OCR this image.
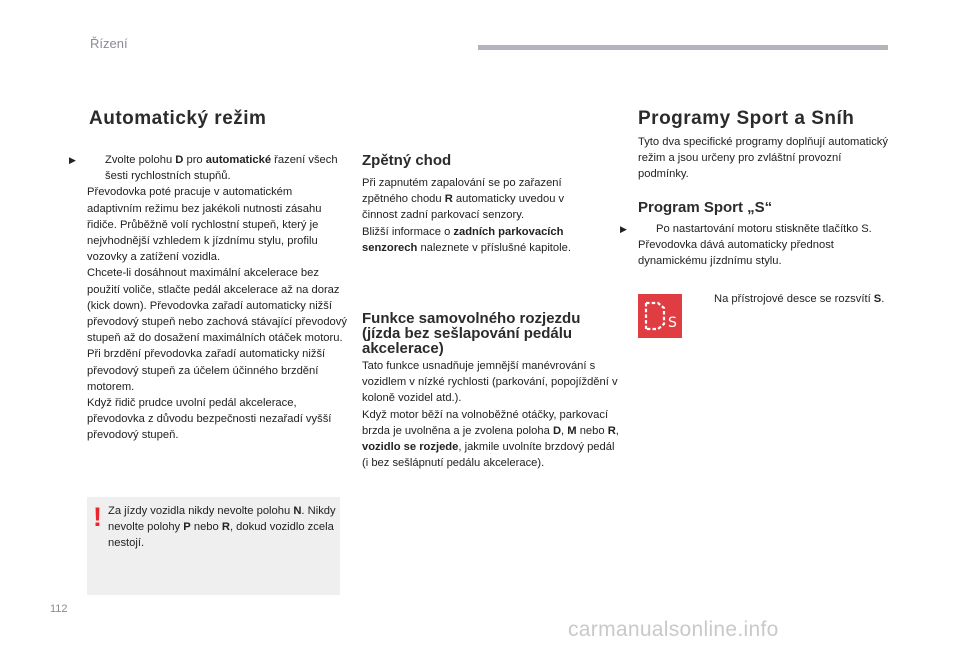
Řízení
Automatický režim

▶	Zvolte polohu D pro automatické řazení všech šesti rychlostních stupňů.

Převodovka poté pracuje v automatickém adaptivním režimu bez jakékoli nutnosti zásahu řidiče. Průběžně volí rychlostní stupeň, který je nejvhodnější vzhledem k jízdnímu stylu, profilu vozovky a zatížení vozidla.

Chcete-li dosáhnout maximální akcelerace bez použití voliče, stlačte pedál akcelerace až na doraz (kick down). Převodovka zařadí automaticky nižší převodový stupeň nebo zachová stávající převodový stupeň až do dosažení maximálních otáček motoru.

Při brzdění převodovka zařadí automaticky nižší převodový stupeň za účelem účinného brzdění motorem.

Když řidič prudce uvolní pedál akcelerace, převodovka z důvodu bezpečnosti nezařadí vyšší převodový stupeň.

! Za jízdy vozidla nikdy nevolte polohu N. Nikdy nevolte polohy P nebo R, dokud vozidlo zcela nestojí.
Zpětný chod

Při zapnutém zapalování se po zařazení zpětného chodu R automaticky uvedou v činnost zadní parkovací senzory.

Bližší informace o zadních parkovacích senzorech naleznete v příslušné kapitole.

Funkce samovolného rozjezdu (jízda bez sešlapování pedálu akcelerace)

Tato funkce usnadňuje jemnější manévrování s vozidlem v nízké rychlosti (parkování, popojíždění v koloně vozidel atd.).

Když motor běží na volnoběžné otáčky, parkovací brzda je uvolněna a je zvolena poloha D, M nebo R, vozidlo se rozjede, jakmile uvolníte brzdový pedál (i bez sešlápnutí pedálu akcelerace).

Programy Sport a Sníh
Tyto dva specifické programy doplňují automatický režim a jsou určeny pro zvláštní provozní podmínky.
Program Sport „S“

▶	Po nastartování motoru stiskněte tlačítko S.

Převodovka dává automaticky přednost dynamickému jízdnímu stylu.

S
Na přístrojové desce se rozsvítí S.
112
carmanualsonline.info
